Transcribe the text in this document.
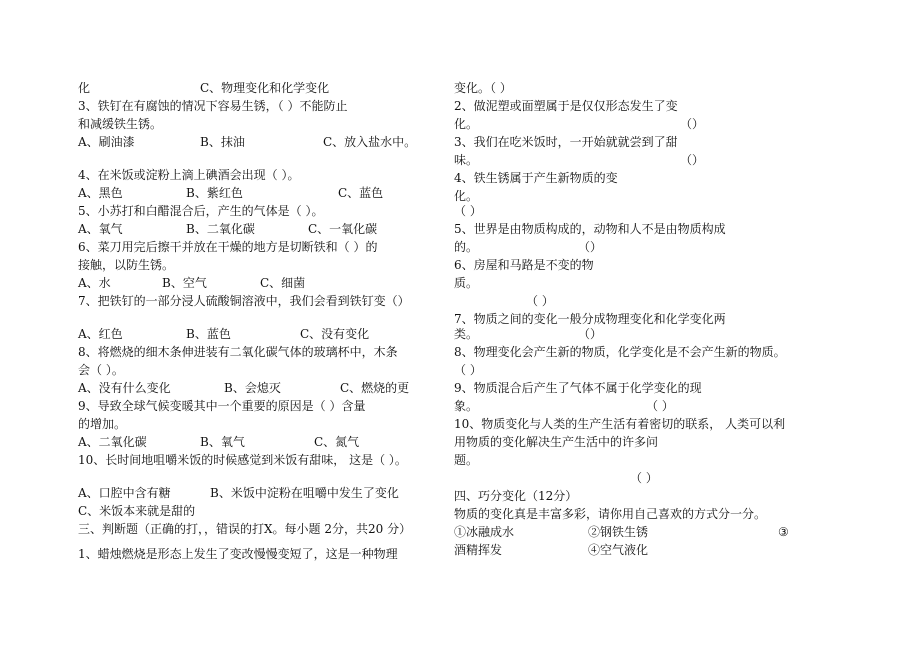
化	C、物理变化和化学变化
3、铁钉在有腐蚀的情况下容易生锈，（ ）不能防止
和减缓铁生锈。
A、刷油漆	B、抹油	C、放入盐水中。
4、在米饭或淀粉上滴上碘酒会出现（ ）。
A、黑色	B、紫红色	C、蓝色
5、小苏打和白醋混合后，产生的气体是（ ）。
A、氧气	B、二氧化碳	C、一氧化碳
6、菜刀用完后擦干并放在干燥的地方是切断铁和（ ）的
接触，以防生锈。
A、水	B、空气	C、细菌
7、把铁钉的一部分浸人硫酸铜溶液中，我们会看到铁钉变（）
A、红色	B、蓝色	C、没有变化
8、将燃烧的细木条伸进装有二氧化碳气体的玻璃杯中，木条
会（ ）。
A、没有什么变化	B、会熄灭	C、燃烧的更
9、导致全球气候变暖其中一个重要的原因是（ ）含量
的增加。
A、二氧化碳	B、氧气	C、氮气
10、长时间地咀嚼米饭的时候感觉到米饭有甜味， 这是（ ）。
A、口腔中含有糖	B、米饭中淀粉在咀嚼中发生了变化
C、米饭本来就是甜的
三、判断题（正确的打，，错误的打X。每小题 2分，共20 分）
1、蜡烛燃烧是形态上发生了变改慢慢变短了，这是一种物理
变化。（ ）
2、做泥塑或面塑属于是仅仅形态发生了变
化。	（）
3、我们在吃米饭时，一开始就就尝到了甜
味。	（）
4、铁生锈属于产生新物质的变
化。
（ ）
5、世界是由物质构成的，动物和人不是由物质构成
的。	（）
6、房屋和马路是不变的物
质。
（ ）
7、物质之间的变化一般分成物理变化和化学变化两
类。	（）
8、物理变化会产生新的物质，化学变化是不会产生新的物质。
（ ）
9、物质混合后产生了气体不属于化学变化的现
象。	（ ）
10、物质变化与人类的生产生活有着密切的联系， 人类可以利
用物质的变化解决生产生活中的许多问
题。
（ ）
四、巧分变化（12分）
物质的变化真是丰富多彩，请你用自己喜欢的方式分一分。
①冰融成水	②钢铁生锈	③
酒精挥发	④空气液化
